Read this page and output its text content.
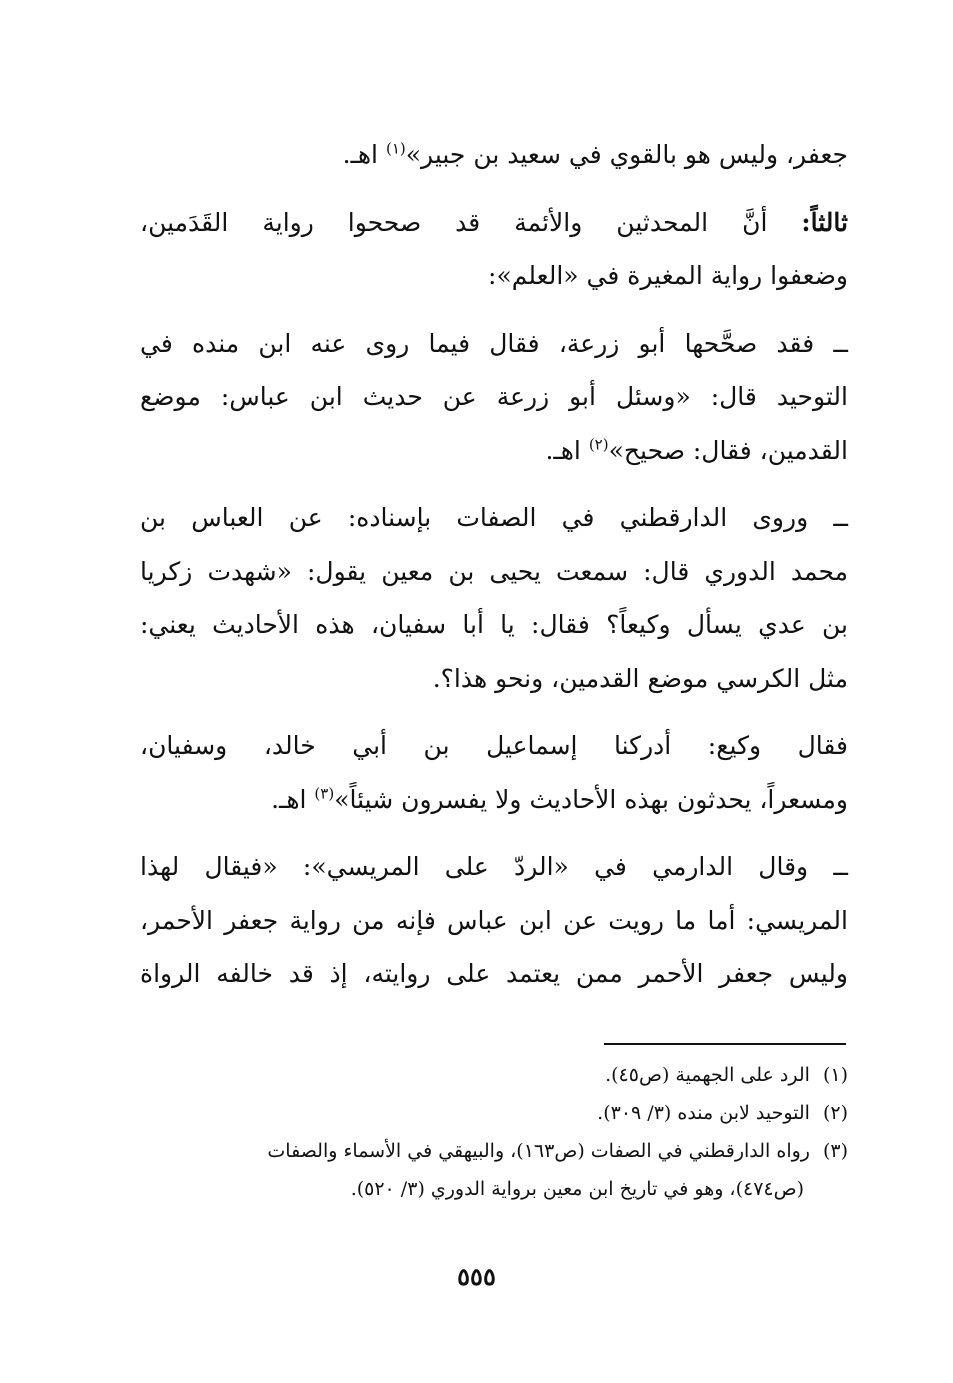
جعفر، وليس هو بالقوي في سعيد بن جبير»$^{(١)}$ اهـ.

ثالثاً: أنَّ المحدثين والأئمة قد صححوا رواية القَدَمين،
وضعفوا رواية المغيرة في «العلم»:

ــ فقد صحَّحها أبو زرعة، فقال فيما روى عنه ابن منده في
التوحيد قال: «وسئل أبو زرعة عن حديث ابن عباس: موضع
القدمين، فقال: صحيح»$^{(٢)}$ اهـ.

ــ وروى الدارقطني في الصفات بإسناده: عن العباس بن
محمد الدوري قال: سمعت يحيى بن معين يقول: «شهدت زكريا
بن عدي يسأل وكيعاً؟ فقال: يا أبا سفيان، هذه الأحاديث يعني:
مثل الكرسي موضع القدمين، ونحو هذا؟.

فقال وكيع: أدركنا إسماعيل بن أبي خالد، وسفيان،
ومسعراً، يحدثون بهذه الأحاديث ولا يفسرون شيئاً»$^{(٣)}$ اهـ.

ــ وقال الدارمي في «الردّ على المريسي»: «فيقال لهذا
المريسي: أما ما رويت عن ابن عباس فإنه من رواية جعفر الأحمر،
وليس جعفر الأحمر ممن يعتمد على روايته، إذ قد خالفه الرواة

(١) الرد على الجهمية (ص٤٥).
(٢) التوحيد لابن منده (٣/ ٣٠٩).
(٣) رواه الدارقطني في الصفات (ص١٦٣)، والبيهقي في الأسماء والصفات
(ص٤٧٤)، وهو في تاريخ ابن معين برواية الدوري (٣/ ٥٢٠).
٥٥٥
